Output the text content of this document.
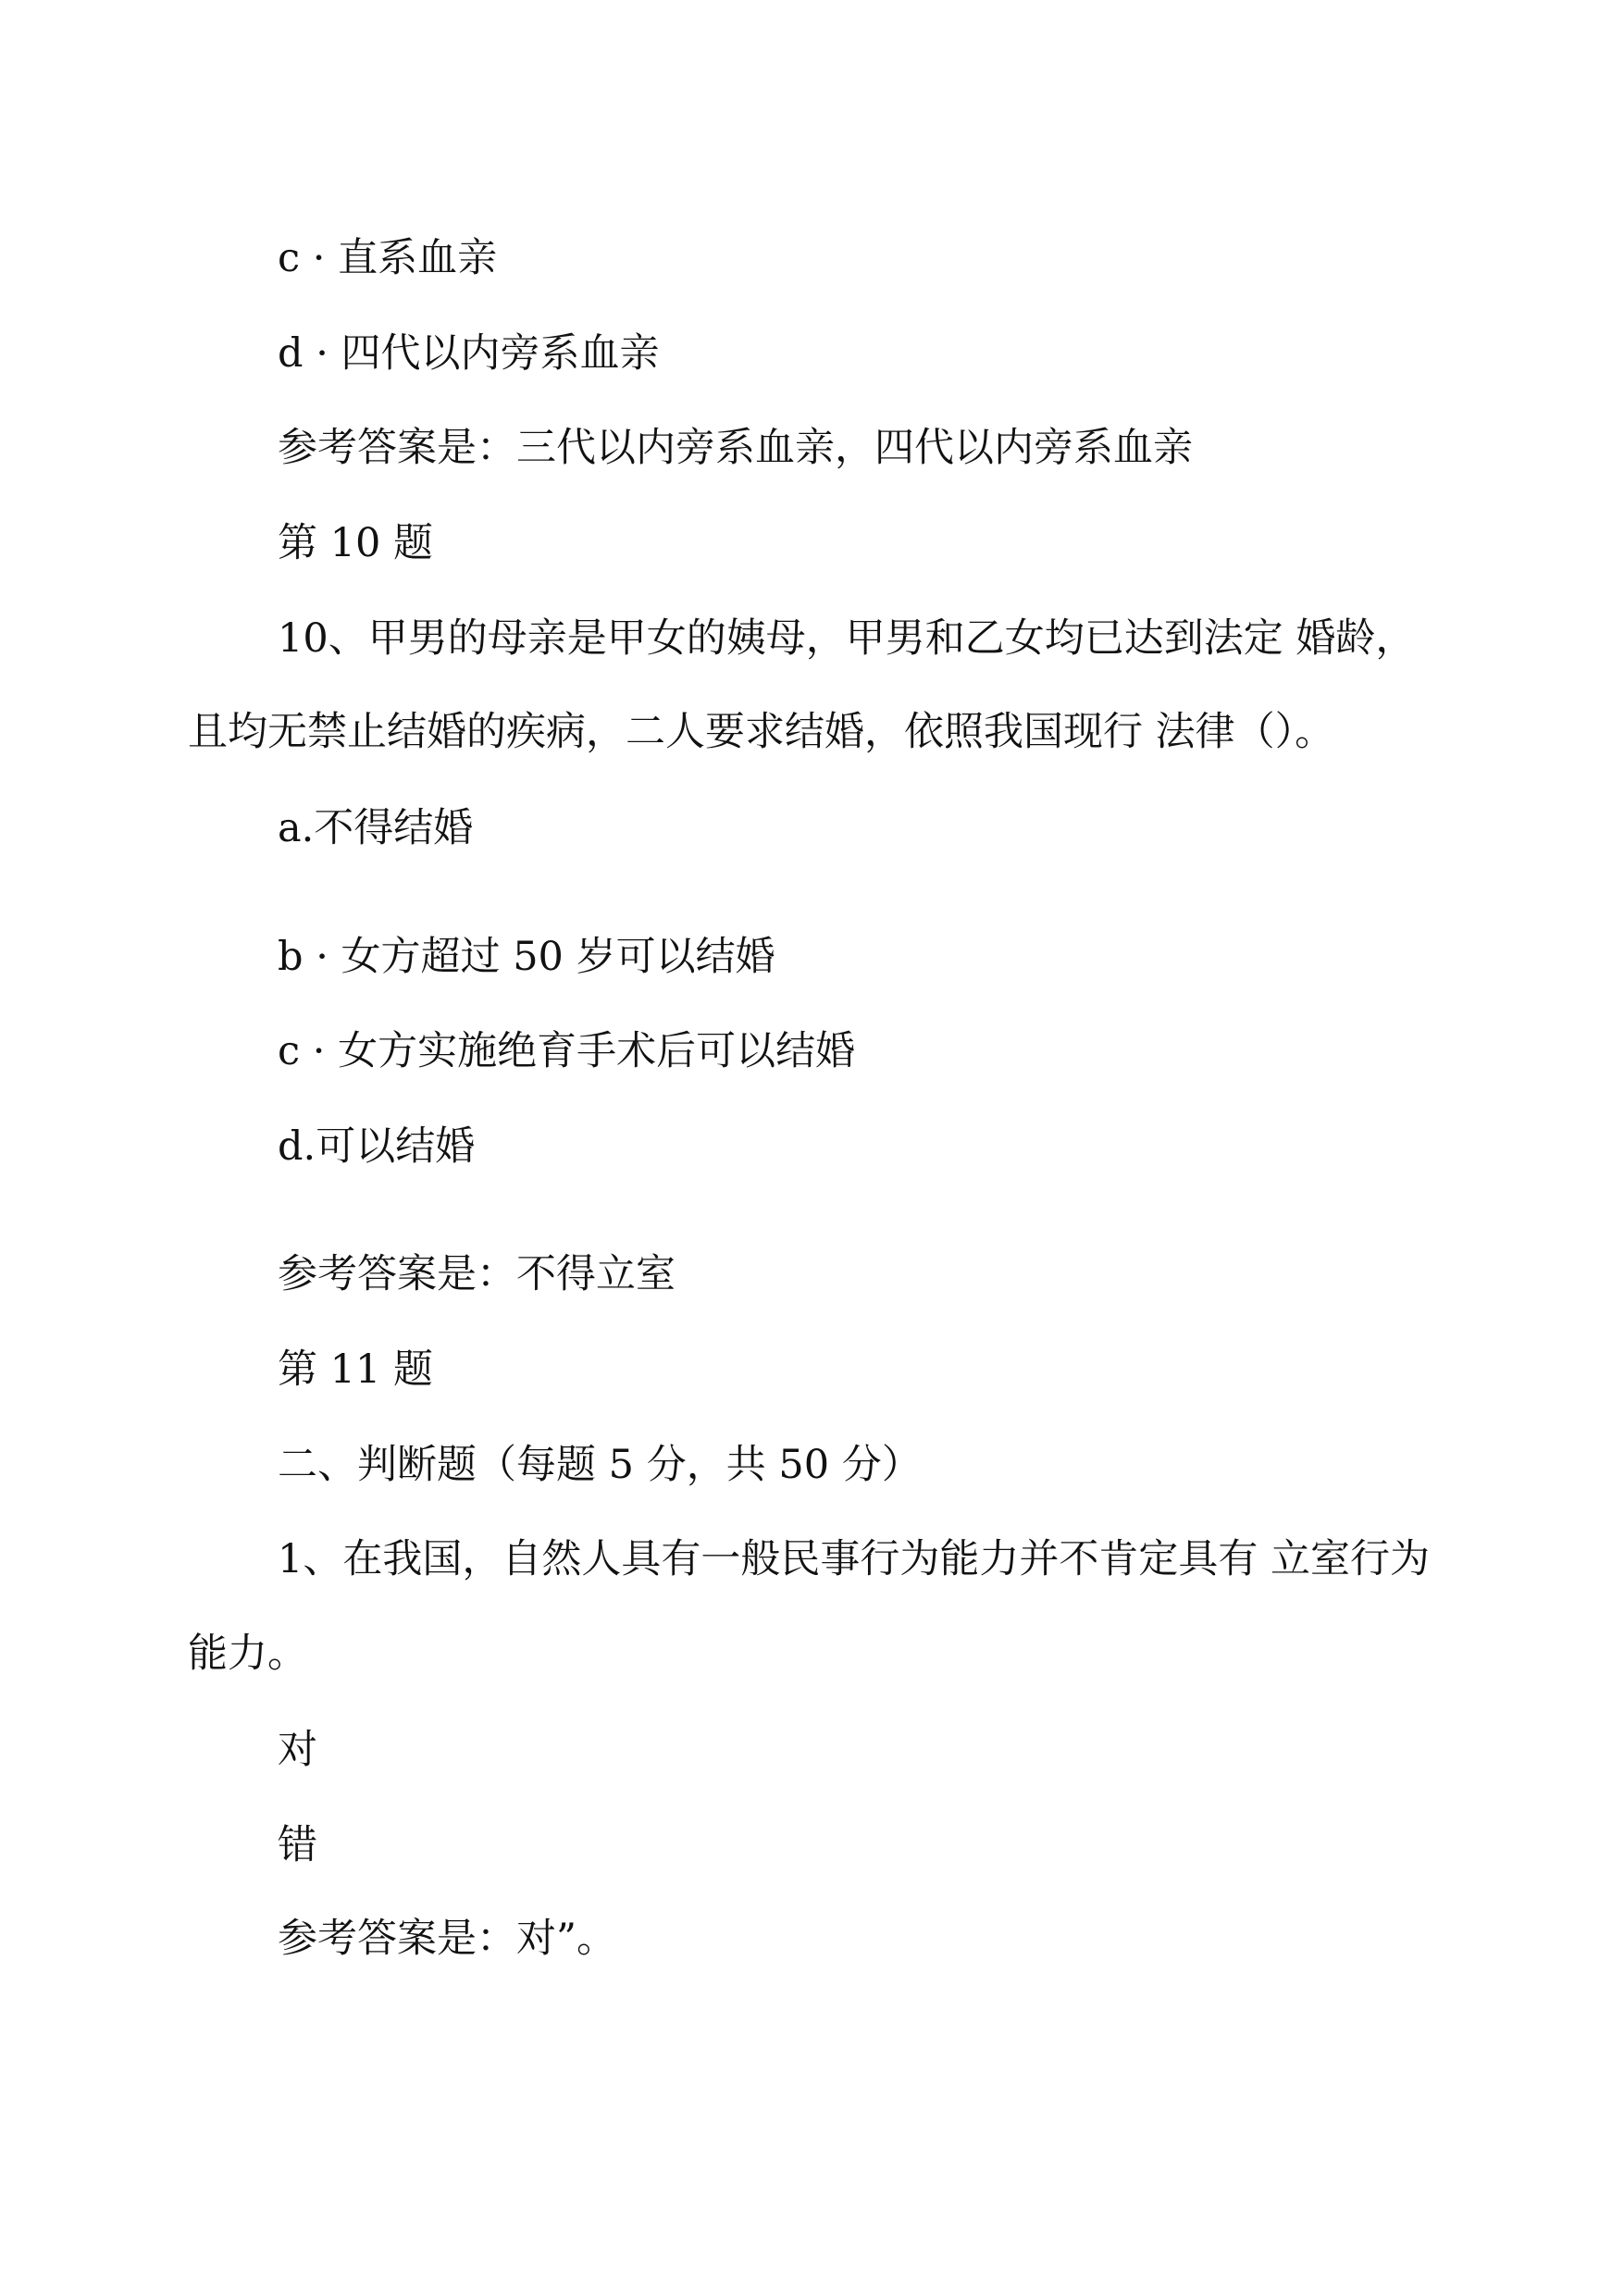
c · 直系血亲
d · 四代以内旁系血亲
参考答案是：三代以内旁系血亲，四代以内旁系血亲
第 10 题
10、甲男的母亲是甲女的姨母，甲男和乙女均已达到法定 婚龄，
且均无禁止结婚的疾病，二人要求结婚，依照我国现行 法律（）。
a.不得结婚
b · 女方超过 50 岁可以结婚
c · 女方实施绝育手术后可以结婚
d.可以结婚
参考答案是：不得立室
第 11 题
二、判断题（每题 5 分，共 50 分）
1、在我国，自然人具有一般民事行为能力并不肯定具有 立室行为
能力。
对
错
参考答案是：对”。
